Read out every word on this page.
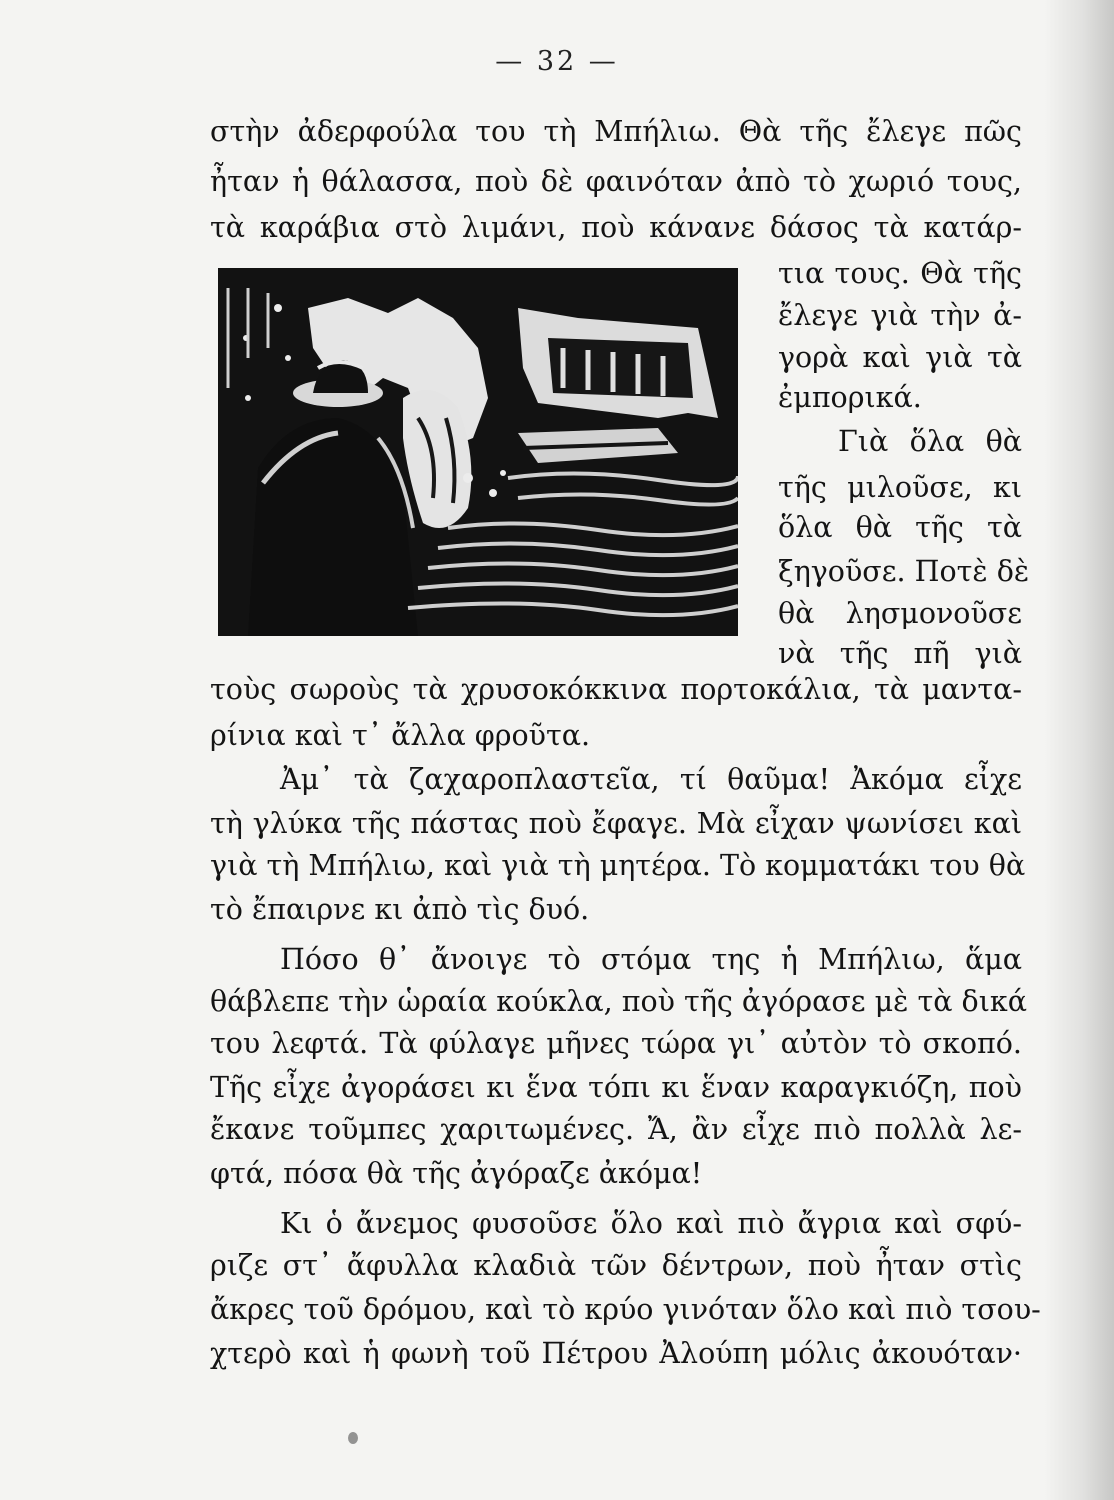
— 32 —
στὴν ἀδερφούλα του τὴ Μπήλιω. Θὰ τῆς ἔλεγε πῶς
ἦταν ἡ θάλασσα, ποὺ δὲ φαινόταν ἀπὸ τὸ χωριό τους,
τὰ καράβια στὸ λιμάνι, ποὺ κάνανε δάσος τὰ κατάρ-
τια τους. Θὰ τῆς
ἔλεγε γιὰ τὴν ἀ-
γορὰ καὶ γιὰ τὰ
ἐμπορικά.
Γιὰ ὅλα θὰ
τῆς μιλοῦσε, κι
ὅλα θὰ τῆς τὰ
ξηγοῦσε. Ποτὲ δὲ
θὰ λησμονοῦσε
νὰ τῆς πῆ γιὰ
τοὺς σωροὺς τὰ χρυσοκόκκινα πορτοκάλια, τὰ μαντα-
ρίνια καὶ τ᾿ ἄλλα φροῦτα.
Ἀμ᾿ τὰ ζαχαροπλαστεῖα, τί θαῦμα! Ἀκόμα εἶχε
τὴ γλύκα τῆς πάστας ποὺ ἔφαγε. Μὰ εἶχαν ψωνίσει καὶ
γιὰ τὴ Μπήλιω, καὶ γιὰ τὴ μητέρα. Τὸ κομματάκι του θὰ
τὸ ἔπαιρνε κι ἀπὸ τὶς δυό.
Πόσο θ᾿ ἄνοιγε τὸ στόμα της ἡ Μπήλιω, ἅμα
θάβλεπε τὴν ὡραία κούκλα, ποὺ τῆς ἀγόρασε μὲ τὰ δικά
του λεφτά. Τὰ φύλαγε μῆνες τώρα γι᾿ αὐτὸν τὸ σκοπό.
Τῆς εἶχε ἀγοράσει κι ἕνα τόπι κι ἕναν καραγκιόζη, ποὺ
ἔκανε τοῦμπες χαριτωμένες. Ἄ, ἂν εἶχε πιὸ πολλὰ λε-
φτά, πόσα θὰ τῆς ἀγόραζε ἀκόμα!
Κι ὁ ἄνεμος φυσοῦσε ὅλο καὶ πιὸ ἄγρια καὶ σφύ-
ριζε στ᾿ ἄφυλλα κλαδιὰ τῶν δέντρων, ποὺ ἦταν στὶς
ἄκρες τοῦ δρόμου, καὶ τὸ κρύο γινόταν ὅλο καὶ πιὸ τσου-
χτερὸ καὶ ἡ φωνὴ τοῦ Πέτρου Ἀλούπη μόλις ἀκουόταν·
